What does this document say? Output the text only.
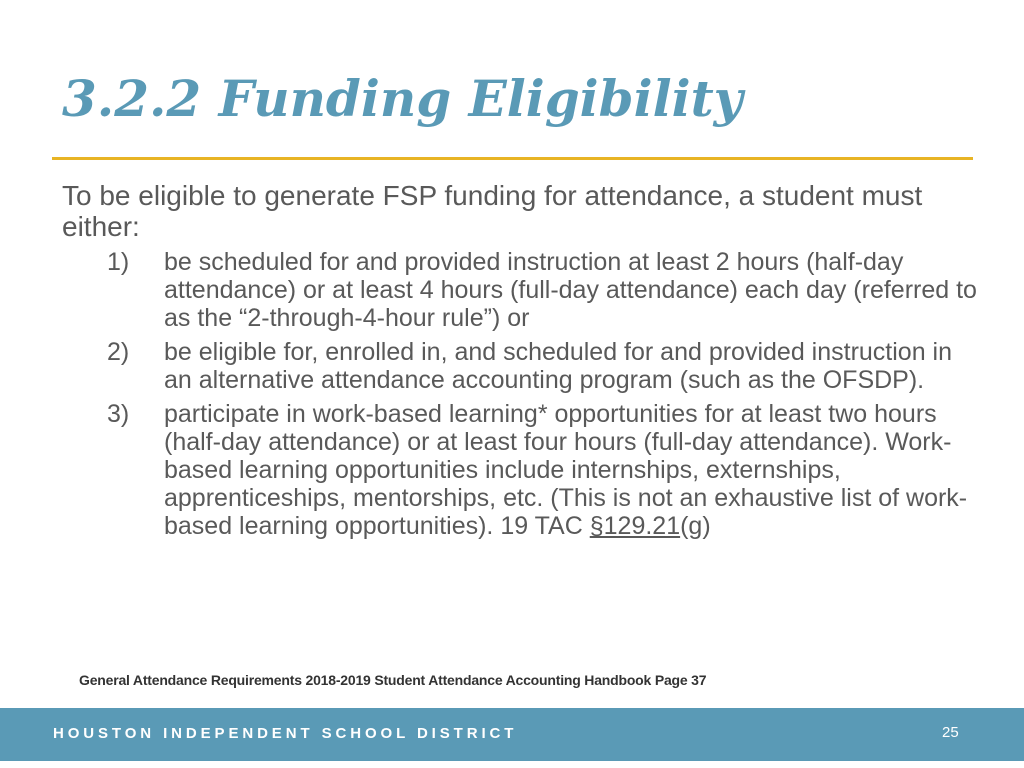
3.2.2 Funding Eligibility

To be eligible to generate FSP funding for attendance, a student must either:

1) be scheduled for and provided instruction at least 2 hours (half-day attendance) or at least 4 hours (full-day attendance) each day (referred to as the “2-through-4-hour rule”) or
2) be eligible for, enrolled in, and scheduled for and provided instruction in an alternative attendance accounting program (such as the OFSDP).
3) participate in work-based learning* opportunities for at least two hours (half-day attendance) or at least four hours (full-day attendance). Work-based learning opportunities include internships, externships, apprenticeships, mentorships, etc. (This is not an exhaustive list of work-based learning opportunities). 19 TAC §129.21(g)

General Attendance Requirements 2018-2019 Student Attendance Accounting Handbook Page 37

HOUSTON INDEPENDENT SCHOOL DISTRICT	25
